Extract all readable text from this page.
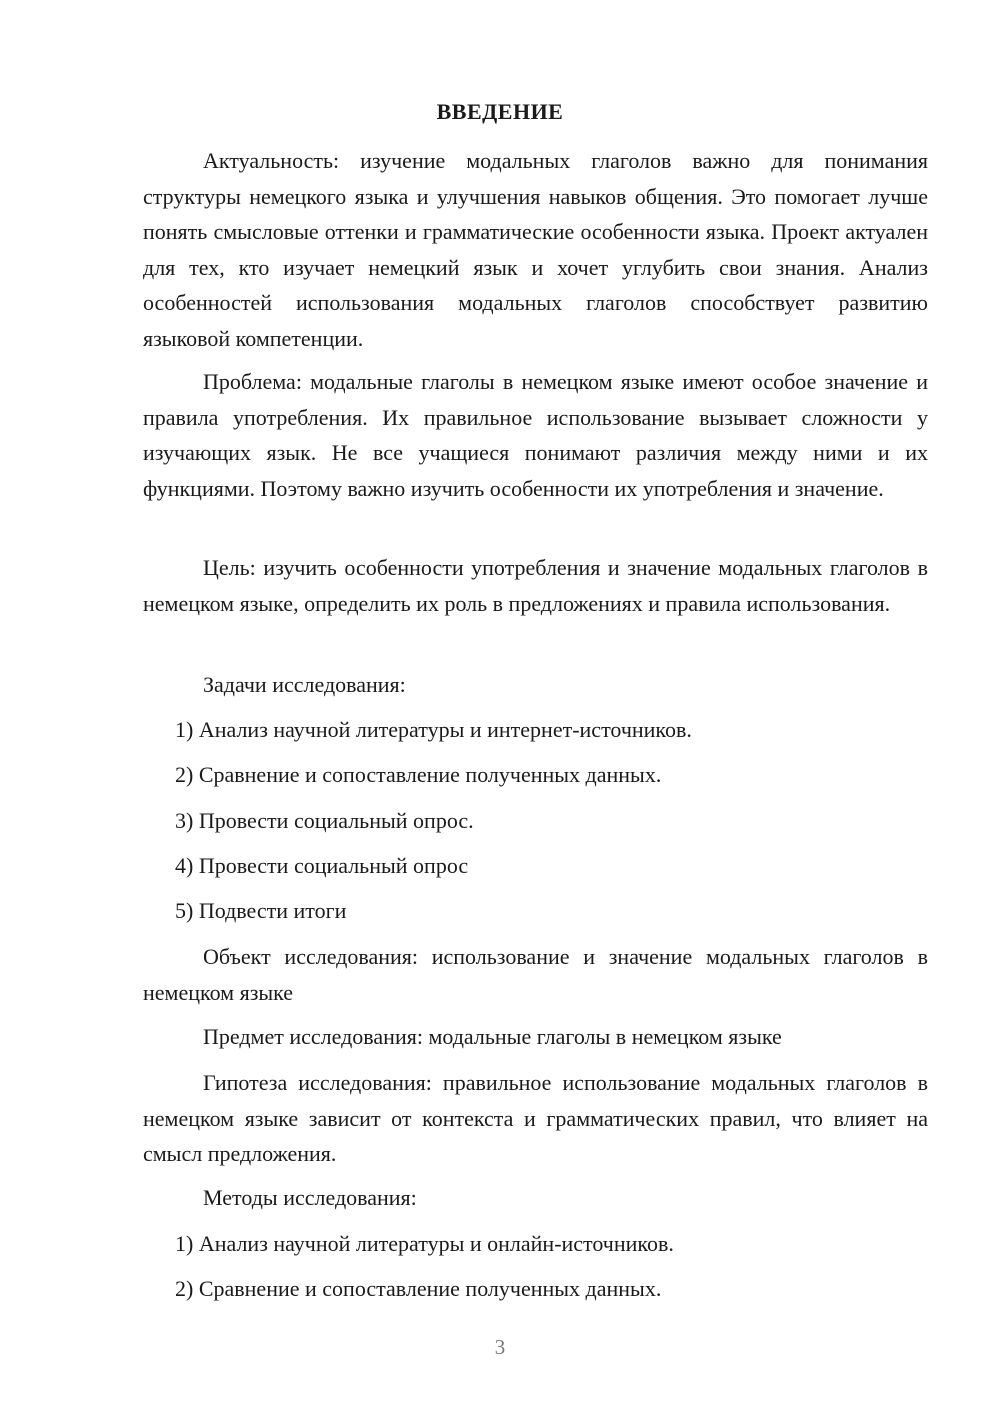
ВВЕДЕНИЕ

Актуальность: изучение модальных глаголов важно для понимания структуры немецкого языка и улучшения навыков общения. Это помогает лучше понять смысловые оттенки и грамматические особенности языка. Проект актуален для тех, кто изучает немецкий язык и хочет углубить свои знания. Анализ особенностей использования модальных глаголов способствует развитию языковой компетенции.

Проблема: модальные глаголы в немецком языке имеют особое значение и правила употребления. Их правильное использование вызывает сложности у изучающих язык. Не все учащиеся понимают различия между ними и их функциями. Поэтому важно изучить особенности их употребления и значение.

Цель: изучить особенности употребления и значение модальных глаголов в немецком языке, определить их роль в предложениях и правила использования.

Задачи исследования:

1) Анализ научной литературы и интернет-источников.

2) Сравнение и сопоставление полученных данных.

3) Провести социальный опрос.

4) Провести социальный опрос

5) Подвести итоги

Объект исследования: использование и значение модальных глаголов в немецком языке

Предмет исследования: модальные глаголы в немецком языке

Гипотеза исследования: правильное использование модальных глаголов в немецком языке зависит от контекста и грамматических правил, что влияет на смысл предложения.

Методы исследования:

1) Анализ научной литературы и онлайн-источников.

2) Сравнение и сопоставление полученных данных.

3
